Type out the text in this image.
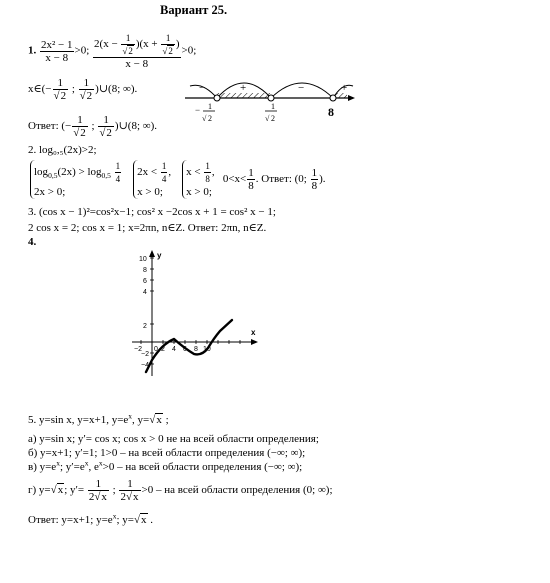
Вариант 25.
1. $\frac{\text{2x² − 1}}{x - 8} >0$;
$2(x - \frac{1}{√2} )(x + \frac{1}{√2}$ )
x − 8
>0;
x∈(− $\frac{1}{√2}$ ; $\frac{1}{√2}$ )∪(8; ∞).
Ответ: (− $\frac{1}{√2}$ ; $\frac{1}{√2}$ )∪(8; ∞).
−	+	−	+
− 1
√ 2
1
√ 2	8
2. log₀,₅(2x)>2;
$\log_{0,5}(2x) > \log_{0,5} \frac{1}{4}$
2x > 0;

$2x < \frac{1}{4}$ ,
x > 0;

$x < \frac{1}{8}$ ,
x > 0;
$0<x< \frac{1}{8}$ . Ответ: (0; $\frac{1}{8}$ ).
3. (cos x − 1)²=cos²x−1; cos² x −2cos x + 1 = cos² x − 1;
2 cos x = 2; cos x = 1; x=2πn, n∈Z. Ответ: 2πn, n∈Z.
4.
y
x
10
8
6
4
2
−2
−4
−2 0 2 4 6 8 10
5. y=sin x, y=x+1, $y=e^x$, y=√x ;
а) y=sin x; y′= cos x; cos x > 0 не на всей области определения;
б) y=x+1; y′=1; 1>0 – на всей области определения (−∞; ∞);
в) $y=e^x$; $y'=e^x$, $e^x>0$ – на всей области определения (−∞; ∞);
г) y=√x; $y'= \frac{1}{2√x}$ ; $\frac{1}{2√x} >0$ – на всей области определения (0; ∞);
Ответ: y=x+1; $y=e^x$; y=√x .
